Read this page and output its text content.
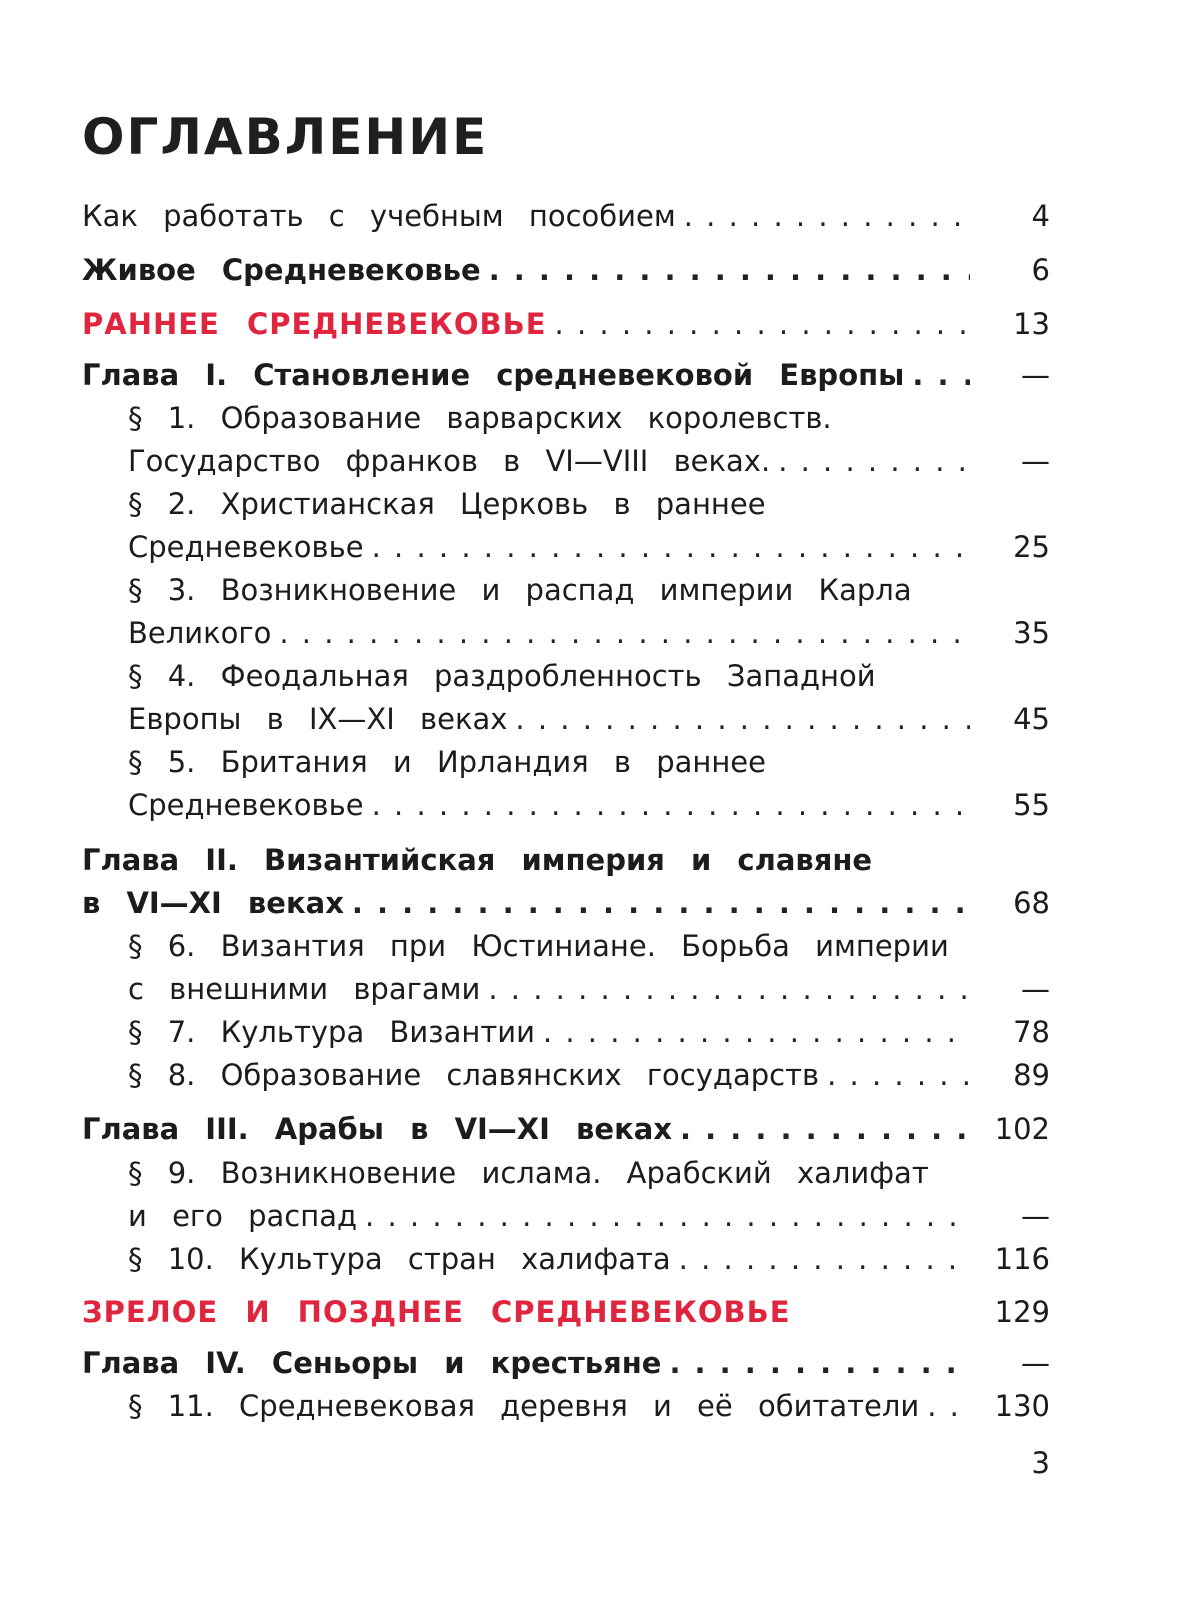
ОГЛАВЛЕНИЕ
Как работать с учебным пособием . . .	4
Живое Средневековье . . .	6
РАННЕЕ СРЕДНЕВЕКОВЬЕ . . .	13
Глава I. Становление средневековой Европы . . .	—
§ 1. Образование варварских королевств.
Государство франков в VI—VIII веках. . . .	—
§ 2. Христианская Церковь в раннее
Средневековье . . .	25
§ 3. Возникновение и распад империи Карла
Великого . . .	35
§ 4. Феодальная раздробленность Западной
Европы в IX—XI веках . . .	45
§ 5. Британия и Ирландия в раннее
Средневековье . . .	55
Глава II. Византийская империя и славяне
в VI—XI веках . . .	68
§ 6. Византия при Юстиниане. Борьба империи
с внешними врагами . . .	—
§ 7. Культура Византии . . .	78
§ 8. Образование славянских государств . . .	89
Глава III. Арабы в VI—XI веках . . .	102
§ 9. Возникновение ислама. Арабский халифат
и его распад . . .	—
§ 10. Культура стран халифата . . .	116
ЗРЕЛОЕ И ПОЗДНЕЕ СРЕДНЕВЕКОВЬЕ	129
Глава IV. Сеньоры и крестьяне . . .	—
§ 11. Средневековая деревня и её обитатели . . .	130
3
